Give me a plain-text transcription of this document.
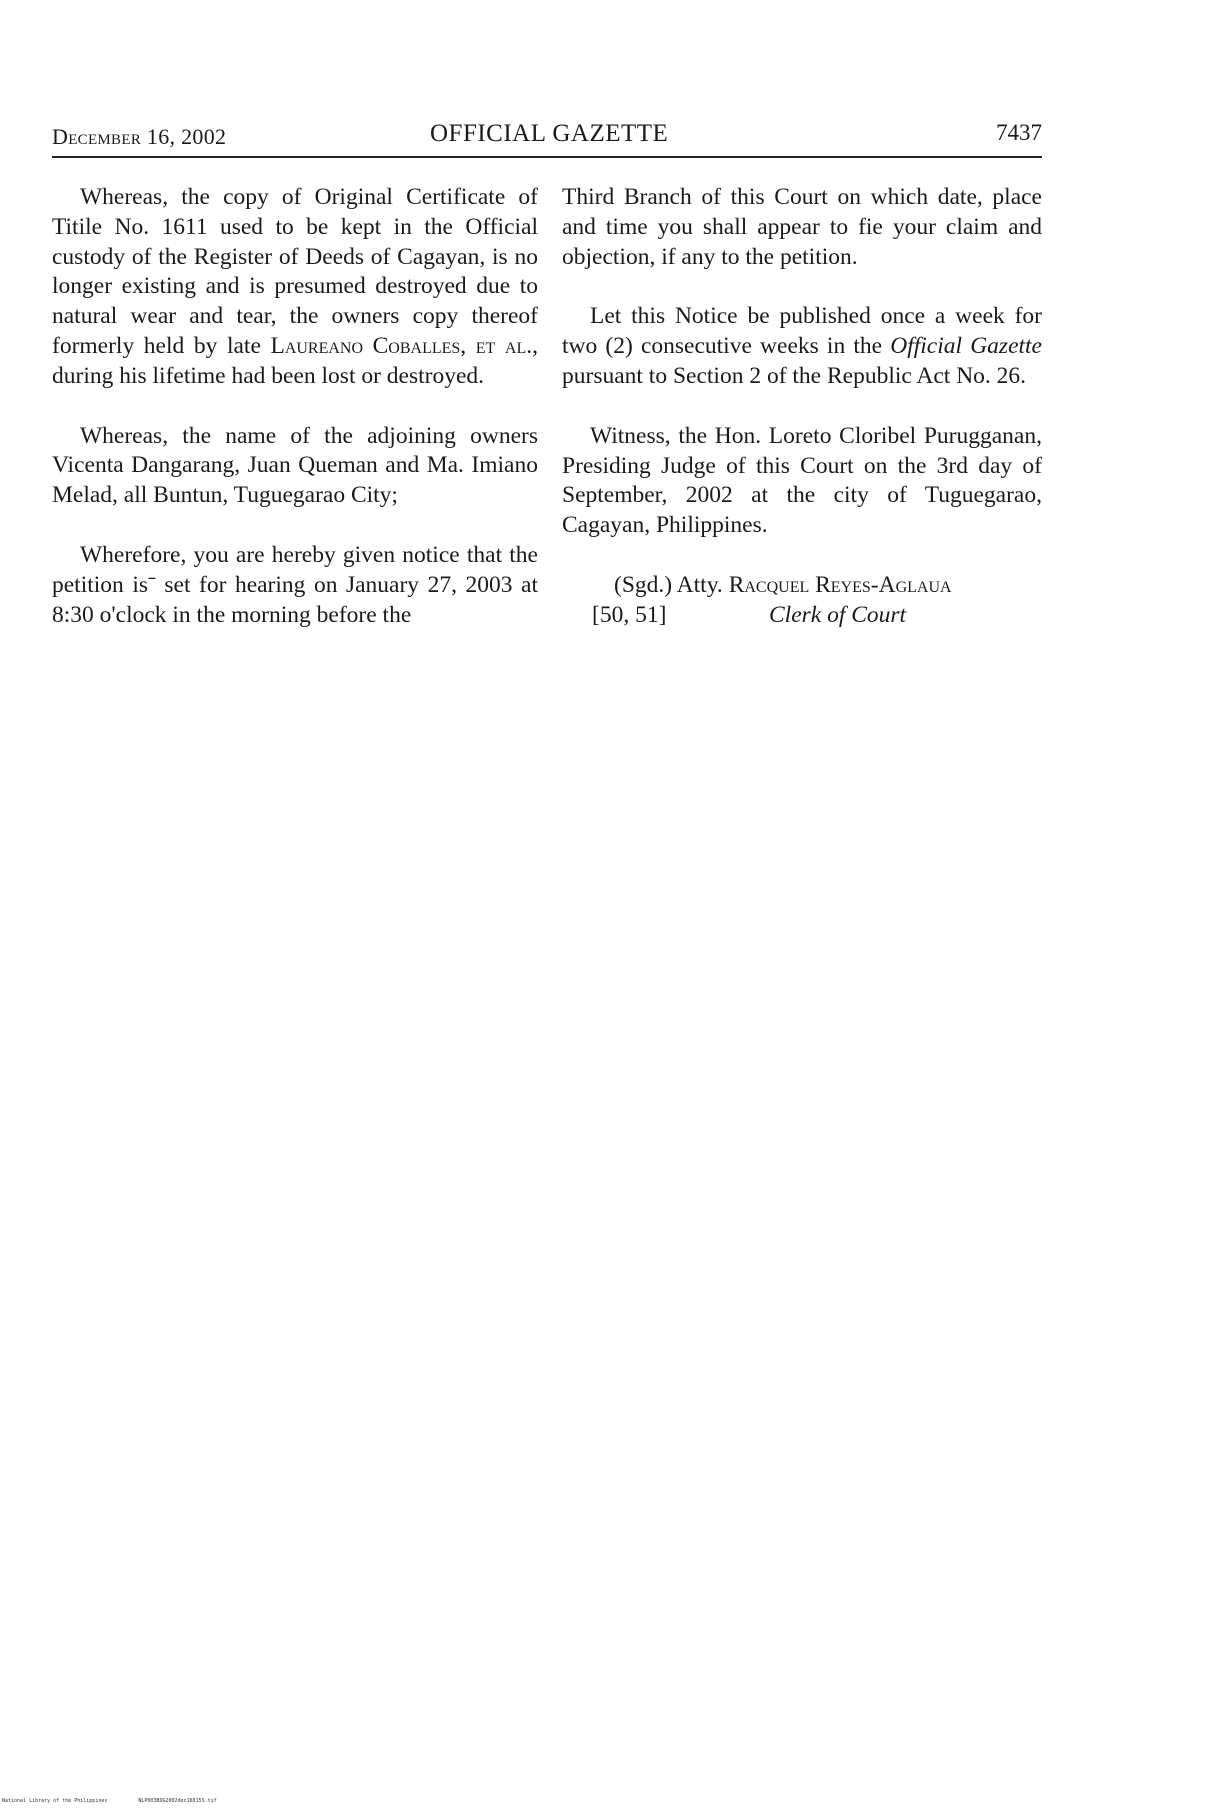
December 16, 2002	OFFICIAL GAZETTE	7437

Whereas, the copy of Original Certificate of Titile No. 1611 used to be kept in the Official custody of the Register of Deeds of Cagayan, is no longer existing and is presumed destroyed due to natural wear and tear, the owners copy thereof formerly held by late Laureano Coballes, et al., during his lifetime had been lost or destroyed.

Whereas, the name of the adjoining owners Vicenta Dangarang, Juan Queman and Ma. Imiano Melad, all Buntun, Tuguegarao City;

Wherefore, you are hereby given notice that the petition isˉ set for hearing on January 27, 2003 at 8:30 o'clock in the morning before the

Third Branch of this Court on which date, place and time you shall appear to fie your claim and objection, if any to the petition.

Let this Notice be published once a week for two (2) consecutive weeks in the Official Gazette pursuant to Section 2 of the Republic Act No. 26.

Witness, the Hon. Loreto Cloribel Purugganan, Presiding Judge of this Court on the 3rd day of September, 2002 at the city of Tuguegarao, Cagayan, Philippines.

(Sgd.) Atty. Racquel Reyes-Aglaua
[50, 51]	Clerk of Court
National Library of the Philippines	NLP003BOG2002dec16015S.tif
